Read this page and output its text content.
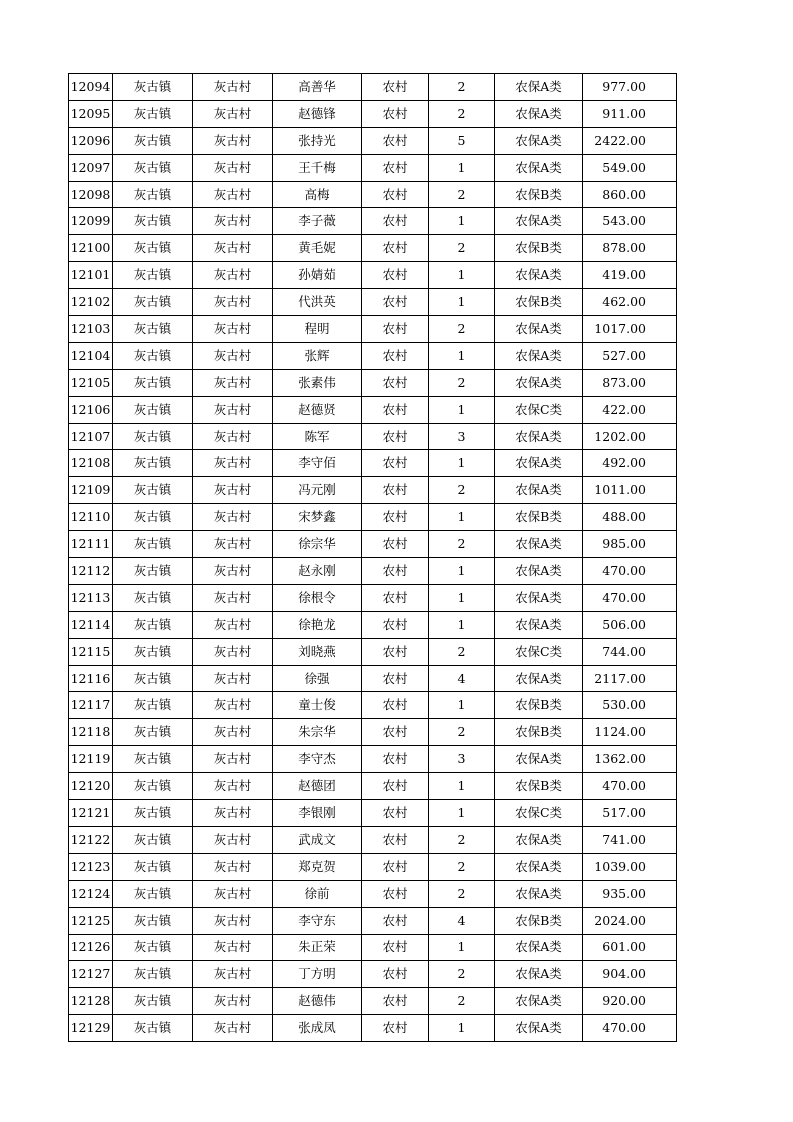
12094	灰古镇	灰古村	高善华	农村	2	农保A类	977.00
12095	灰古镇	灰古村	赵德锋	农村	2	农保A类	911.00
12096	灰古镇	灰古村	张持光	农村	5	农保A类	2422.00
12097	灰古镇	灰古村	王千梅	农村	1	农保A类	549.00
12098	灰古镇	灰古村	高梅	农村	2	农保B类	860.00
12099	灰古镇	灰古村	李子薇	农村	1	农保A类	543.00
12100	灰古镇	灰古村	黄毛妮	农村	2	农保B类	878.00
12101	灰古镇	灰古村	孙婧茹	农村	1	农保A类	419.00
12102	灰古镇	灰古村	代洪英	农村	1	农保B类	462.00
12103	灰古镇	灰古村	程明	农村	2	农保A类	1017.00
12104	灰古镇	灰古村	张辉	农村	1	农保A类	527.00
12105	灰古镇	灰古村	张素伟	农村	2	农保A类	873.00
12106	灰古镇	灰古村	赵德贤	农村	1	农保C类	422.00
12107	灰古镇	灰古村	陈军	农村	3	农保A类	1202.00
12108	灰古镇	灰古村	李守佰	农村	1	农保A类	492.00
12109	灰古镇	灰古村	冯元刚	农村	2	农保A类	1011.00
12110	灰古镇	灰古村	宋梦鑫	农村	1	农保B类	488.00
12111	灰古镇	灰古村	徐宗华	农村	2	农保A类	985.00
12112	灰古镇	灰古村	赵永刚	农村	1	农保A类	470.00
12113	灰古镇	灰古村	徐根令	农村	1	农保A类	470.00
12114	灰古镇	灰古村	徐艳龙	农村	1	农保A类	506.00
12115	灰古镇	灰古村	刘晓燕	农村	2	农保C类	744.00
12116	灰古镇	灰古村	徐强	农村	4	农保A类	2117.00
12117	灰古镇	灰古村	童士俊	农村	1	农保B类	530.00
12118	灰古镇	灰古村	朱宗华	农村	2	农保B类	1124.00
12119	灰古镇	灰古村	李守杰	农村	3	农保A类	1362.00
12120	灰古镇	灰古村	赵德团	农村	1	农保B类	470.00
12121	灰古镇	灰古村	李银刚	农村	1	农保C类	517.00
12122	灰古镇	灰古村	武成文	农村	2	农保A类	741.00
12123	灰古镇	灰古村	郑克贺	农村	2	农保A类	1039.00
12124	灰古镇	灰古村	徐前	农村	2	农保A类	935.00
12125	灰古镇	灰古村	李守东	农村	4	农保B类	2024.00
12126	灰古镇	灰古村	朱正荣	农村	1	农保A类	601.00
12127	灰古镇	灰古村	丁方明	农村	2	农保A类	904.00
12128	灰古镇	灰古村	赵德伟	农村	2	农保A类	920.00
12129	灰古镇	灰古村	张成凤	农村	1	农保A类	470.00
